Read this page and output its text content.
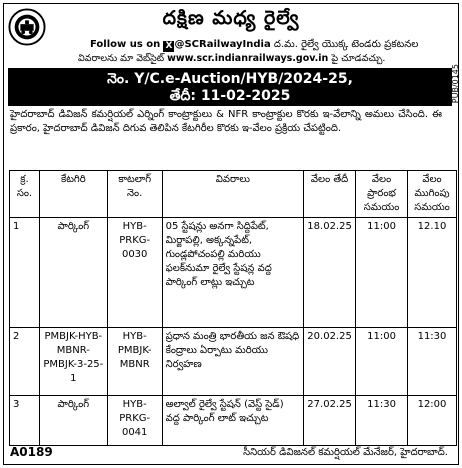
దక్షిణ మధ్య రైల్వే
Follow us on X @SCRailwayIndia ద.మ. రైల్వే యొక్క టెండరు ప్రకటనల
వివరాలను మా వెబ్‌సైట్ www.scr.indianrailways.gov.in పై చూడవచ్చు.
నెం. Y/C.e-Auction/HYB/2024-25,
తేదీ: 11-02-2025	PUB/0145
హైదరాబాద్ డివిజన్ కమర్షియల్ ఎర్నింగ్ కాంట్రాక్టులు & NFR కాంట్రాక్టుల కొరకు ఇ-వేలాన్ని అమలు చేసింది. ఈ ప్రకారం, హైదరాబాద్ డివిజన్ దిగువ తెలిపిన కేటగిరీల కొరకు ఇ-వేలం ప్రక్రియ చేపట్టింది.
క్ర. సం.	కేటగిరి	కాటలాగ్ నెం.	వివరాలు	వేలం తేదీ	వేలం ప్రారంభ సమయం	వేలం ముగింపు సమయం
1	పార్కింగ్	HYB-PRKG-0030	05 స్టేషన్లు అనగా సిద్దిపేట్, మిర్జాపల్లి, అక్కన్నపేట్, గుండ్లపోచంపల్లి మరియు ఫలక్‌నుమా రైల్వే స్టేషన్ల వద్ద పార్కింగ్ లాట్లు ఇచ్చుట	18.02.25	11:00	12.10
2	PMBJK-HYB-MBNR-PMBJK-3-25-1	HYB-PMBJK-MBNR	ప్రధాన మంత్రి భారతీయ జన ఔషధి కేంద్రాలు ఏర్పాటు మరియు నిర్వహణ	20.02.25	11:00	11:30
3	పార్కింగ్	HYB-PRKG-0041	అల్వాల్ రైల్వే స్టేషన్ (వెస్ట్ సైడ్) వద్ద పార్కింగ్ లాట్ ఇచ్చుట	27.02.25	11:30	12:00
A0189	సీనియర్ డివిజనల్ కమర్షియల్ మేనేజర్, హైదరాబాద్.
